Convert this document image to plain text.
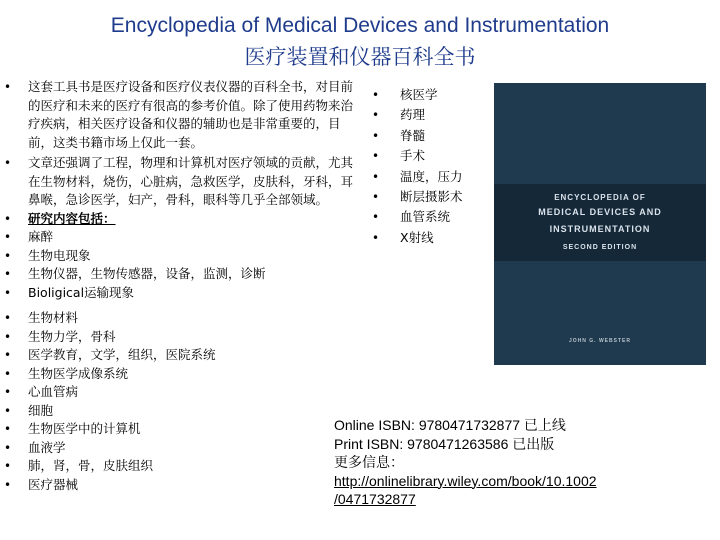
Encyclopedia of Medical Devices and Instrumentation
医疗装置和仪器百科全书
• 这套工具书是医疗设备和医疗仪表仪器的百科全书，对目前的医疗和未来的医疗有很高的参考价值。除了使用药物来治疗疾病，相关医疗设备和仪器的辅助也是非常重要的，目前，这类书籍市场上仅此一套。
• 文章还强调了工程，物理和计算机对医疗领域的贡献，尤其在生物材料，烧伤，心脏病，急救医学，皮肤科，牙科，耳鼻喉，急诊医学，妇产，骨科，眼科等几乎全部领域。
• 研究内容包括：
• 麻醉
• 生物电现象
• 生物仪器，生物传感器，设备，监测，诊断
• Bioligical运输现象
• 生物材料
• 生物力学，骨科
• 医学教育，文学，组织，医院系统
• 生物医学成像系统
• 心血管病
• 细胞
• 生物医学中的计算机
• 血液学
• 肺，肾，骨，皮肤组织
• 医疗器械
• 核医学
• 药理
• 脊髓
• 手术
• 温度，压力
• 断层摄影术
• 血管系统
• X射线
ENCYCLOPEDIA OF
MEDICAL DEVICES AND
INSTRUMENTATION
SECOND EDITION
JOHN G. WEBSTER
Online ISBN: 9780471732877 已上线
Print ISBN: 9780471263586 已出版
更多信息：
http://onlinelibrary.wiley.com/book/10.1002
/0471732877
